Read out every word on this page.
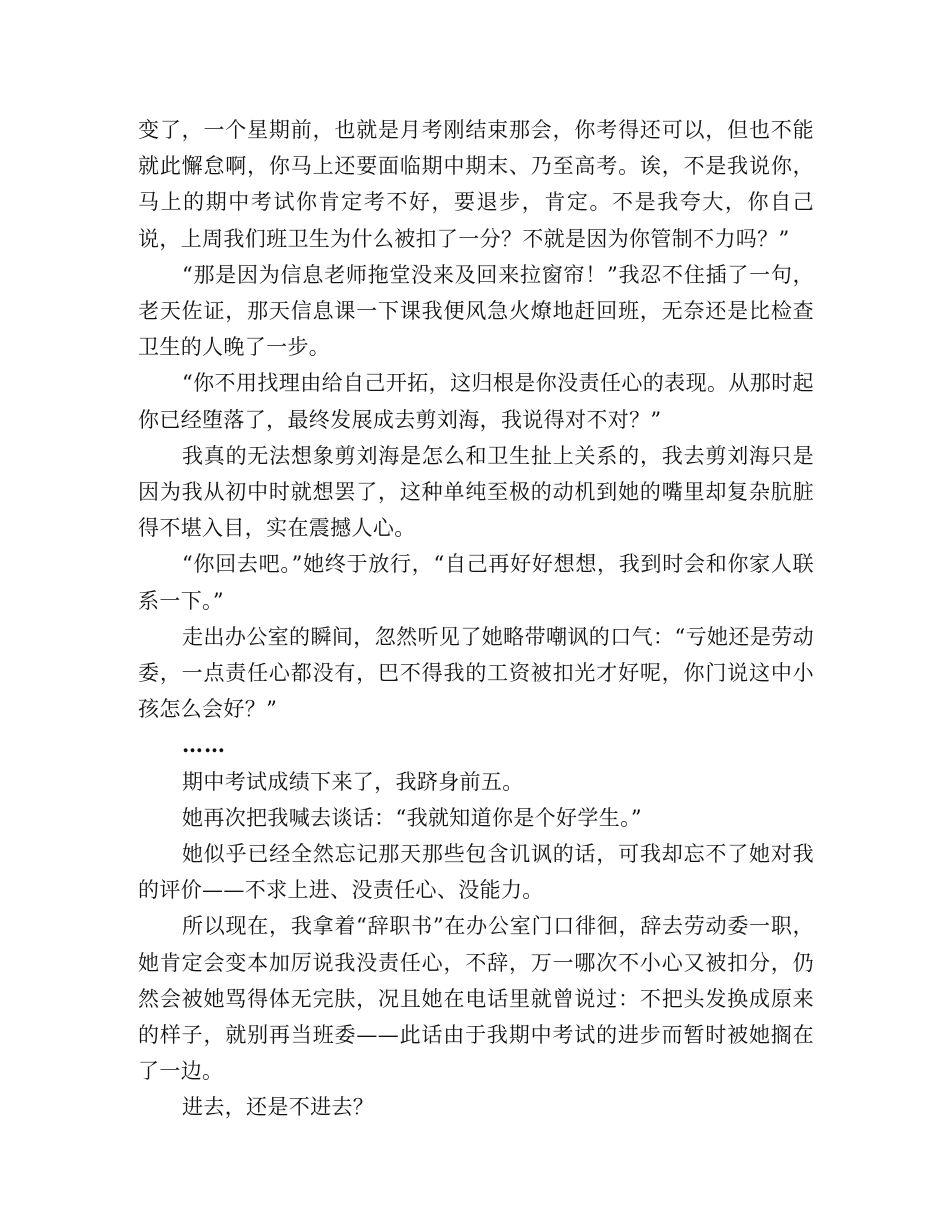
变了，一个星期前，也就是月考刚结束那会，你考得还可以，但也不能就此懈怠啊，你马上还要面临期中期末、乃至高考。诶，不是我说你，马上的期中考试你肯定考不好，要退步，肯定。不是我夸大，你自己说，上周我们班卫生为什么被扣了一分？不就是因为你管制不力吗？”

“那是因为信息老师拖堂没来及回来拉窗帘！”我忍不住插了一句，老天佐证，那天信息课一下课我便风急火燎地赶回班，无奈还是比检查卫生的人晚了一步。

“你不用找理由给自己开拓，这归根是你没责任心的表现。从那时起你已经堕落了，最终发展成去剪刘海，我说得对不对？”

我真的无法想象剪刘海是怎么和卫生扯上关系的，我去剪刘海只是因为我从初中时就想罢了，这种单纯至极的动机到她的嘴里却复杂肮脏得不堪入目，实在震撼人心。

“你回去吧。”她终于放行，“自己再好好想想，我到时会和你家人联系一下。”

走出办公室的瞬间，忽然听见了她略带嘲讽的口气：“亏她还是劳动委，一点责任心都没有，巴不得我的工资被扣光才好呢，你门说这中小孩怎么会好？”

……

期中考试成绩下来了，我跻身前五。

她再次把我喊去谈话：“我就知道你是个好学生。”

她似乎已经全然忘记那天那些包含讥讽的话，可我却忘不了她对我的评价——不求上进、没责任心、没能力。

所以现在，我拿着“辞职书”在办公室门口徘徊，辞去劳动委一职，她肯定会变本加厉说我没责任心，不辞，万一哪次不小心又被扣分，仍然会被她骂得体无完肤，况且她在电话里就曾说过：不把头发换成原来的样子，就别再当班委——此话由于我期中考试的进步而暂时被她搁在了一边。

进去，还是不进去？
